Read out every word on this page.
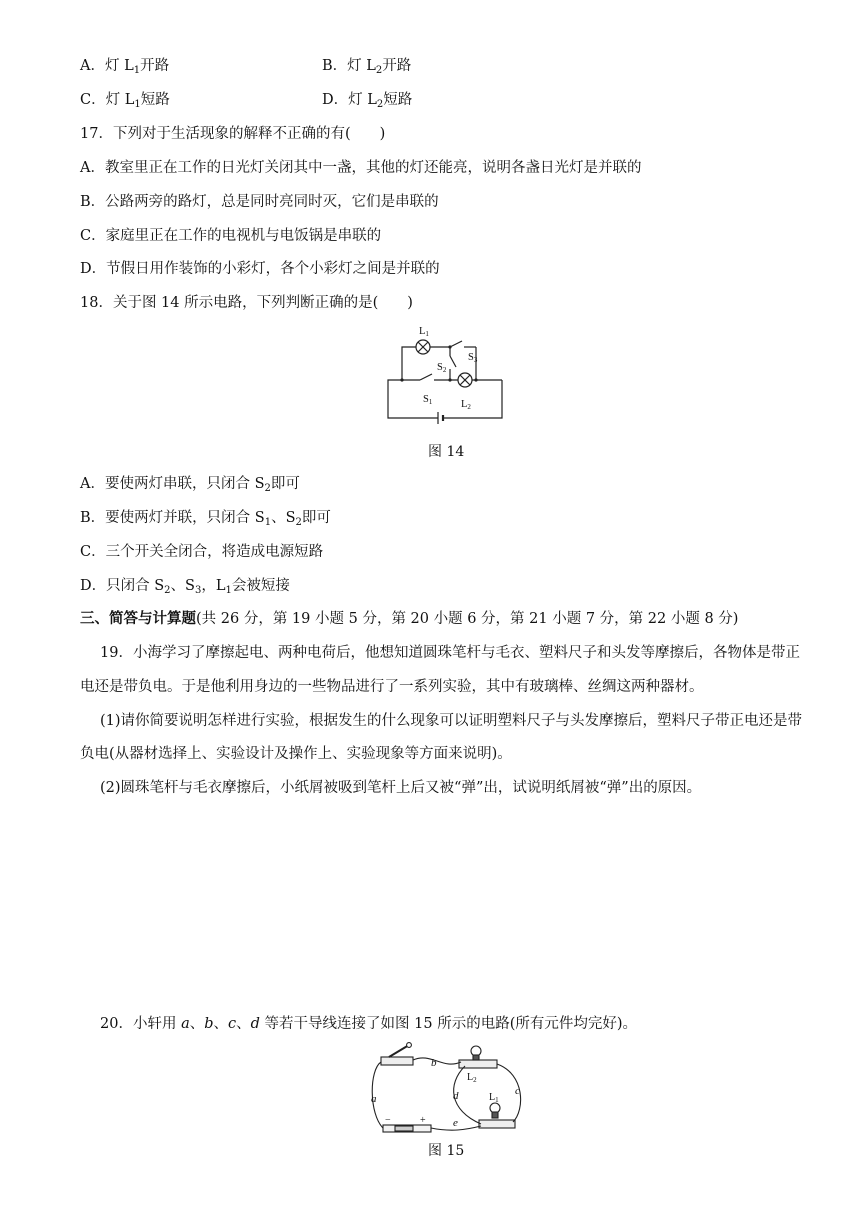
A．灯 $L_1$开路	B．灯 $L_2$开路
C．灯 $L_1$短路	D．灯 $L_2$短路
17．下列对于生活现象的解释不正确的有(　　)
A．教室里正在工作的日光灯关闭其中一盏，其他的灯还能亮，说明各盏日光灯是并联的
B．公路两旁的路灯，总是同时亮同时灭，它们是串联的
C．家庭里正在工作的电视机与电饭锅是串联的
D．节假日用作装饰的小彩灯，各个小彩灯之间是并联的
18．关于图 14 所示电路，下列判断正确的是(　　)
L1
S3
S2
S1	L2
图 14
A．要使两灯串联，只闭合 $S_2$即可
B．要使两灯并联，只闭合 $S_1$、$S_2$即可
C．三个开关全闭合，将造成电源短路
D．只闭合 $S_2$、$S_3$，$L_1$会被短接
三、简答与计算题(共 26 分，第 19 小题 5 分，第 20 小题 6 分，第 21 小题 7 分，第 22 小题 8 分)
19．小海学习了摩擦起电、两种电荷后，他想知道圆珠笔杆与毛衣、塑料尺子和头发等摩擦后，各物体是带正
电还是带负电。于是他利用身边的一些物品进行了一系列实验，其中有玻璃棒、丝绸这两种器材。
(1)请你简要说明怎样进行实验，根据发生的什么现象可以证明塑料尺子与头发摩擦后，塑料尺子带正电还是带
负电(从器材选择上、实验设计及操作上、实验现象等方面来说明)。
(2)圆珠笔杆与毛衣摩擦后，小纸屑被吸到笔杆上后又被“弹”出，试说明纸屑被“弹”出的原因。
20．小轩用 a、b、c、d 等若干导线连接了如图 15 所示的电路(所有元件均完好)。
b
c
d
a
e
$L_2$
$L_1$
−	+
图 15
